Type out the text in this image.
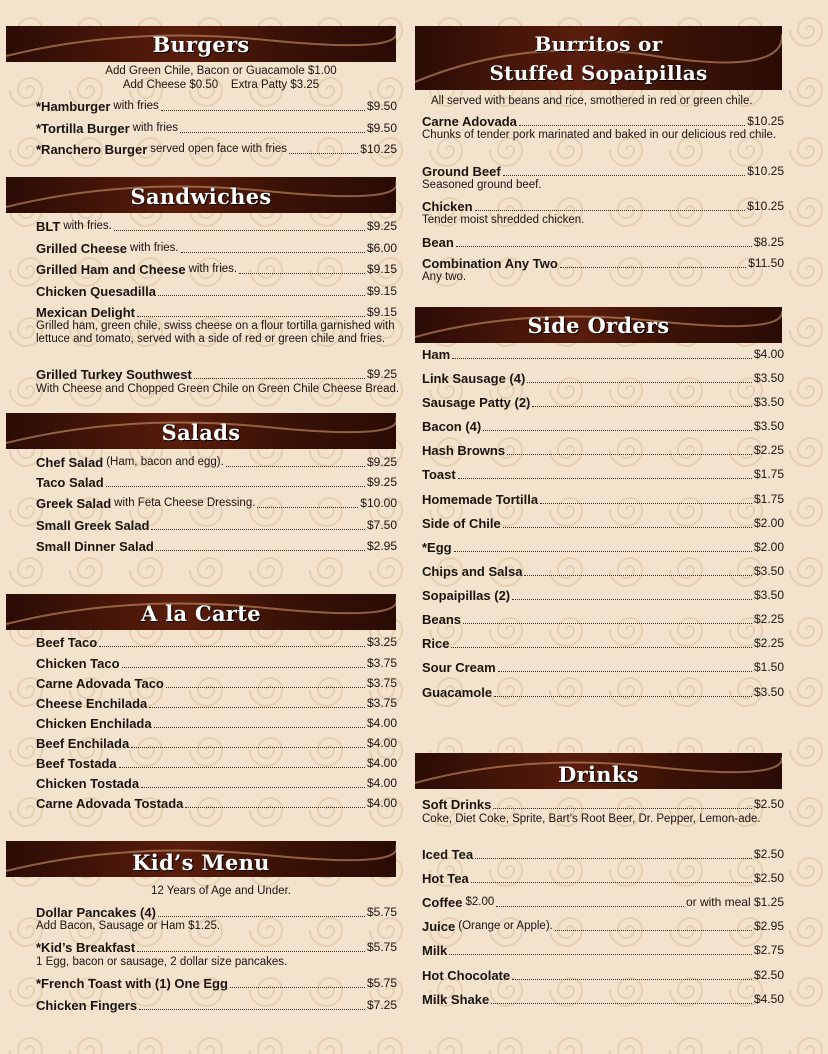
Burgers
Add Green Chile, Bacon or Guacamole $1.00
Add Cheese $0.50    Extra Patty $3.25
*Hamburger with fries	$9.50
*Tortilla Burger with fries	$9.50
*Ranchero Burger served open face with fries	$10.25
Sandwiches
BLT with fries.	$9.25
Grilled Cheese with fries.	$6.00
Grilled Ham and Cheese with fries.	$9.15
Chicken Quesadilla	$9.15
Mexican Delight	$9.15
Grilled ham, green chile, swiss cheese on a flour tortilla garnished with lettuce and tomato, served with a side of red or green chile and fries.
Grilled Turkey Southwest	$9.25
With Cheese and Chopped Green Chile on Green Chile Cheese Bread.
Salads
Chef Salad (Ham, bacon and egg).	$9.25
Taco Salad	$9.25
Greek Salad with Feta Cheese Dressing.	$10.00
Small Greek Salad	$7.50
Small Dinner Salad	$2.95
A la Carte
Beef Taco	$3.25
Chicken Taco	$3.75
Carne Adovada Taco	$3.75
Cheese Enchilada	$3.75
Chicken Enchilada	$4.00
Beef Enchilada	$4.00
Beef Tostada	$4.00
Chicken Tostada	$4.00
Carne Adovada Tostada	$4.00
Kid’s Menu
12 Years of Age and Under.
Dollar Pancakes (4)	$5.75
Add Bacon, Sausage or Ham $1.25.
*Kid’s Breakfast	$5.75
1 Egg, bacon or sausage, 2 dollar size pancakes.
*French Toast with (1) One Egg	$5.75
Chicken Fingers	$7.25
Burritos or
Stuffed Sopaipillas
All served with beans and rice, smothered in red or green chile.
Carne Adovada	$10.25
Chunks of tender pork marinated and baked in our delicious red chile.
Ground Beef	$10.25
Seasoned ground beef.
Chicken	$10.25
Tender moist shredded chicken.
Bean	$8.25
Combination Any Two	$11.50
Any two.
Side Orders
Ham	$4.00
Link Sausage (4)	$3.50
Sausage Patty (2)	$3.50
Bacon (4)	$3.50
Hash Browns	$2.25
Toast	$1.75
Homemade Tortilla	$1.75
Side of Chile	$2.00
*Egg	$2.00
Chips and Salsa	$3.50
Sopaipillas (2)	$3.50
Beans	$2.25
Rice	$2.25
Sour Cream	$1.50
Guacamole	$3.50
Drinks
Soft Drinks	$2.50
Coke, Diet Coke, Sprite, Bart’s Root Beer, Dr. Pepper, Lemon-ade.
Iced Tea	$2.50
Hot Tea	$2.50
Coffee $2.00	or with meal $1.25
Juice (Orange or Apple).	$2.95
Milk	$2.75
Hot Chocolate	$2.50
Milk Shake	$4.50
